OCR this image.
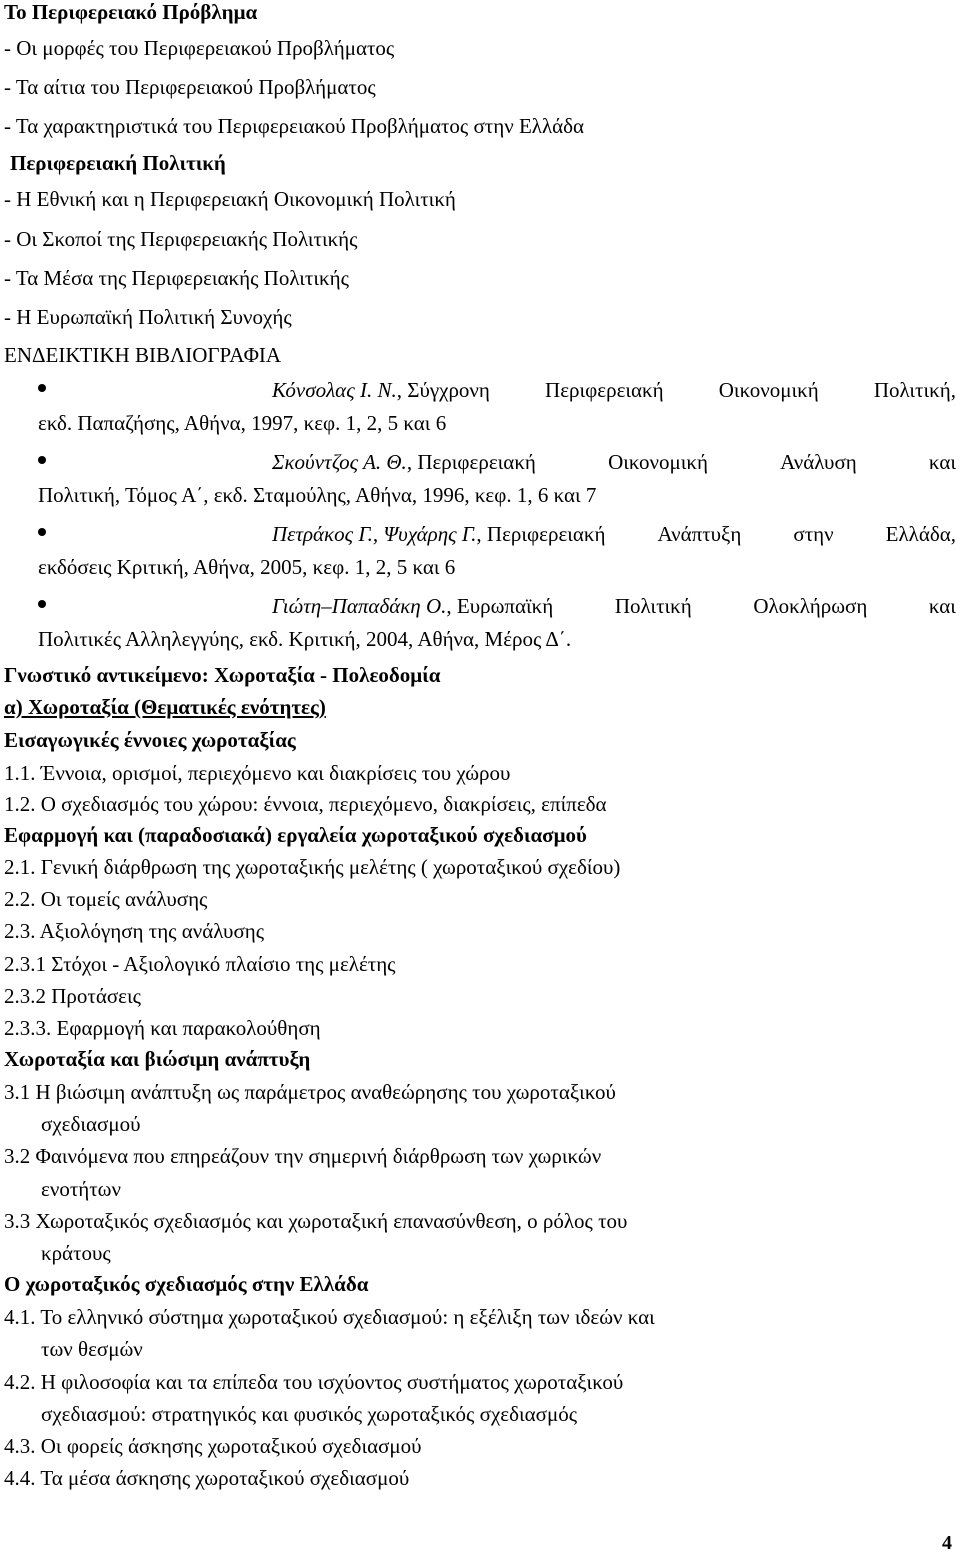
Το Περιφερειακό Πρόβλημα
- Οι μορφές του Περιφερειακού Προβλήματος
- Τα αίτια του Περιφερειακού Προβλήματος
- Τα χαρακτηριστικά του Περιφερειακού Προβλήματος στην Ελλάδα
Περιφερειακή Πολιτική
- Η Εθνική και η Περιφερειακή Οικονομική Πολιτική
- Οι Σκοποί της Περιφερειακής Πολιτικής
- Τα Μέσα της Περιφερειακής Πολιτικής
- Η Ευρωπαϊκή Πολιτική Συνοχής
ΕΝΔΕΙΚΤΙΚΗ ΒΙΒΛΙΟΓΡΑΦΙΑ
Κόνσολας Ι. Ν., Σύγχρονη	Περιφερειακή	Οικονομική	Πολιτική,
εκδ. Παπαζήσης, Αθήνα, 1997, κεφ. 1, 2, 5 και 6
Σκούντζος Α. Θ., Περιφερειακή	Οικονομική	Ανάλυση	και
Πολιτική, Τόμος Α΄, εκδ. Σταμούλης, Αθήνα, 1996, κεφ. 1, 6 και 7
Πετράκος Γ., Ψυχάρης Γ., Περιφερειακή Ανάπτυξη στην Ελλάδα,
εκδόσεις Κριτική, Αθήνα, 2005, κεφ. 1, 2, 5 και 6
Γιώτη–Παπαδάκη Ο., Ευρωπαϊκή	Πολιτική	Ολοκλήρωση	και
Πολιτικές Αλληλεγγύης, εκδ. Κριτική, 2004, Αθήνα, Μέρος Δ΄.
Γνωστικό αντικείμενο: Χωροταξία - Πολεοδομία
α) Χωροταξία (Θεματικές ενότητες)
Εισαγωγικές έννοιες χωροταξίας
1.1. Έννοια, ορισμοί, περιεχόμενο και διακρίσεις του χώρου
1.2. Ο σχεδιασμός του χώρου: έννοια, περιεχόμενο, διακρίσεις, επίπεδα
Εφαρμογή και (παραδοσιακά) εργαλεία χωροταξικού σχεδιασμού
2.1. Γενική διάρθρωση της χωροταξικής μελέτης ( χωροταξικού σχεδίου)
2.2. Οι τομείς ανάλυσης
2.3. Αξιολόγηση της ανάλυσης
2.3.1 Στόχοι - Αξιολογικό πλαίσιο της μελέτης
2.3.2 Προτάσεις
2.3.3. Εφαρμογή και παρακολούθηση
Χωροταξία και βιώσιμη ανάπτυξη
3.1 Η βιώσιμη ανάπτυξη ως παράμετρος αναθεώρησης του χωροταξικού
σχεδιασμού
3.2 Φαινόμενα που επηρεάζουν την σημερινή διάρθρωση των χωρικών
ενοτήτων
3.3 Χωροταξικός σχεδιασμός και χωροταξική επανασύνθεση, ο ρόλος του
κράτους
Ο χωροταξικός σχεδιασμός στην Ελλάδα
4.1. Το ελληνικό σύστημα χωροταξικού σχεδιασμού: η εξέλιξη των ιδεών και
των θεσμών
4.2. Η φιλοσοφία και τα επίπεδα του ισχύοντος συστήματος χωροταξικού
σχεδιασμού: στρατηγικός και φυσικός χωροταξικός σχεδιασμός
4.3. Οι φορείς άσκησης χωροταξικού σχεδιασμού
4.4. Τα μέσα άσκησης χωροταξικού σχεδιασμού
4
